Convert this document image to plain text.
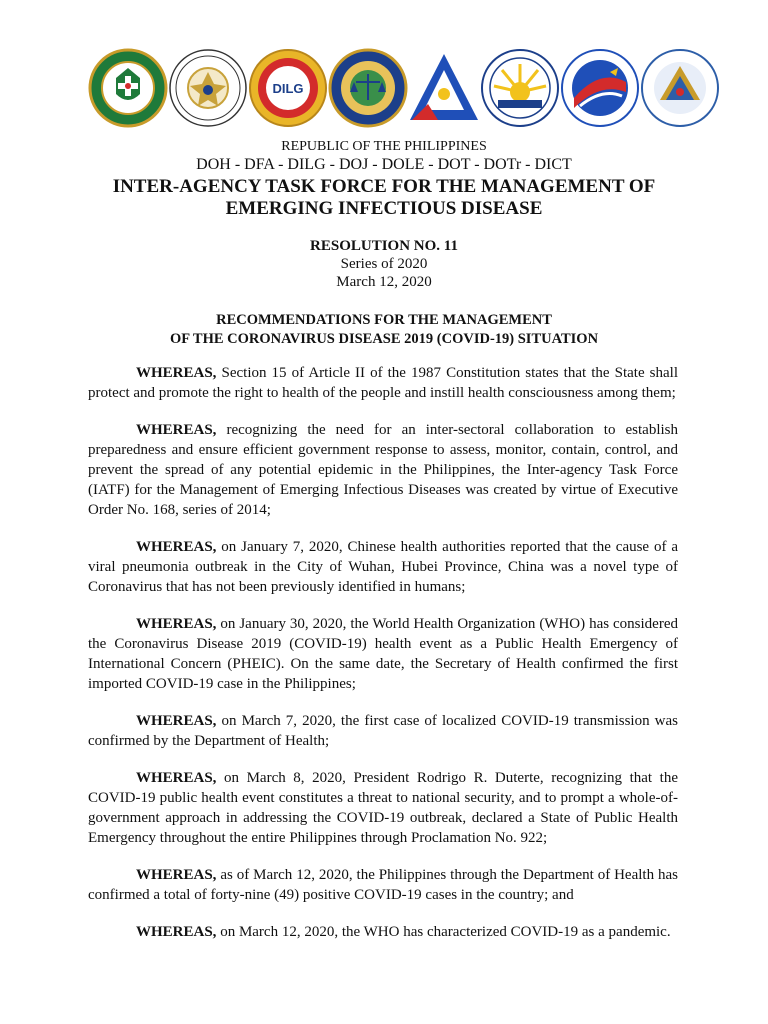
DILG
REPUBLIC OF THE PHILIPPINES
DOH - DFA - DILG - DOJ - DOLE - DOT - DOTr - DICT
INTER-AGENCY TASK FORCE FOR THE MANAGEMENT OF
EMERGING INFECTIOUS DISEASE
RESOLUTION NO. 11
Series of 2020
March 12, 2020
RECOMMENDATIONS FOR THE MANAGEMENT
OF THE CORONAVIRUS DISEASE 2019 (COVID-19) SITUATION

WHEREAS, Section 15 of Article II of the 1987 Constitution states that the State shall protect and promote the right to health of the people and instill health consciousness among them;

WHEREAS, recognizing the need for an inter-sectoral collaboration to establish preparedness and ensure efficient government response to assess, monitor, contain, control, and prevent the spread of any potential epidemic in the Philippines, the Inter-agency Task Force (IATF) for the Management of Emerging Infectious Diseases was created by virtue of Executive Order No. 168, series of 2014;

WHEREAS, on January 7, 2020, Chinese health authorities reported that the cause of a viral pneumonia outbreak in the City of Wuhan, Hubei Province, China was a novel type of Coronavirus that has not been previously identified in humans;

WHEREAS, on January 30, 2020, the World Health Organization (WHO) has considered the Coronavirus Disease 2019 (COVID-19) health event as a Public Health Emergency of International Concern (PHEIC). On the same date, the Secretary of Health confirmed the first imported COVID-19 case in the Philippines;

WHEREAS, on March 7, 2020, the first case of localized COVID-19 transmission was confirmed by the Department of Health;

WHEREAS, on March 8, 2020, President Rodrigo R. Duterte, recognizing that the COVID-19 public health event constitutes a threat to national security, and to prompt a whole-of-government approach in addressing the COVID-19 outbreak, declared a State of Public Health Emergency throughout the entire Philippines through Proclamation No. 922;

WHEREAS, as of March 12, 2020, the Philippines through the Department of Health has confirmed a total of forty-nine (49) positive COVID-19 cases in the country; and

WHEREAS, on March 12, 2020, the WHO has characterized COVID-19 as a pandemic.
